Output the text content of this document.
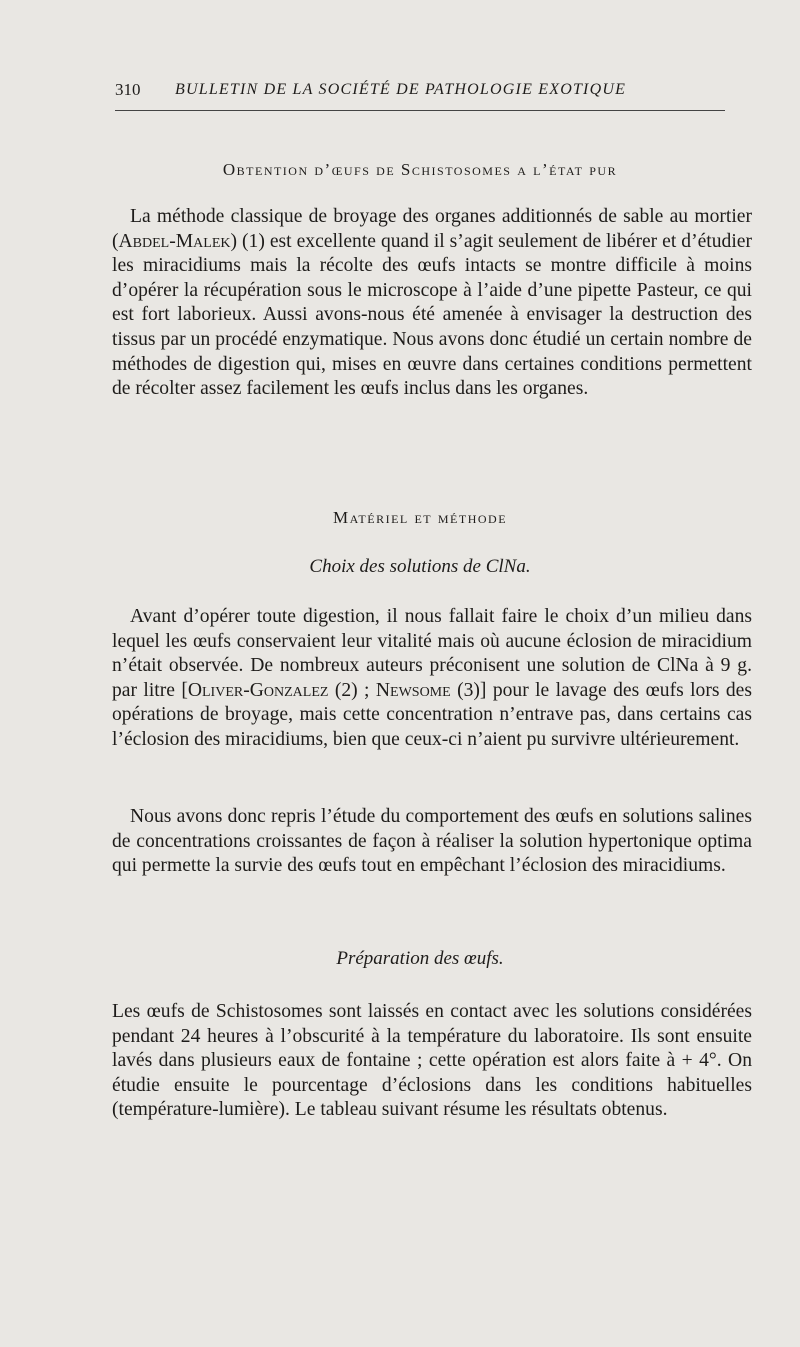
310 BULLETIN DE LA SOCIÉTÉ DE PATHOLOGIE EXOTIQUE
Obtention d’œufs de Schistosomes a l’état pur

La méthode classique de broyage des organes additionnés de sable au mortier (Abdel-Malek) (1) est excellente quand il s’agit seulement de libérer et d’étudier les miracidiums mais la récolte des œufs intacts se montre difficile à moins d’opérer la récupération sous le microscope à l’aide d’une pipette Pasteur, ce qui est fort laborieux. Aussi avons-nous été amenée à envisager la destruction des tissus par un procédé enzymatique. Nous avons donc étudié un certain nombre de méthodes de digestion qui, mises en œuvre dans certaines conditions permettent de récolter assez facilement les œufs inclus dans les organes.

Matériel et méthode
Choix des solutions de ClNa.

Avant d’opérer toute digestion, il nous fallait faire le choix d’un milieu dans lequel les œufs conservaient leur vitalité mais où aucune éclosion de miracidium n’était observée. De nombreux auteurs préconisent une solution de ClNa à 9 g. par litre [Oliver-Gonzalez (2) ; Newsome (3)] pour le lavage des œufs lors des opérations de broyage, mais cette concentration n’entrave pas, dans certains cas l’éclosion des miracidiums, bien que ceux-ci n’aient pu survivre ultérieurement.

Nous avons donc repris l’étude du comportement des œufs en solutions salines de concentrations croissantes de façon à réaliser la solution hypertonique optima qui permette la survie des œufs tout en empêchant l’éclosion des miracidiums.

Préparation des œufs.

Les œufs de Schistosomes sont laissés en contact avec les solutions considérées pendant 24 heures à l’obscurité à la température du laboratoire. Ils sont ensuite lavés dans plusieurs eaux de fontaine ; cette opération est alors faite à + 4°. On étudie ensuite le pourcentage d’éclosions dans les conditions habituelles (température-lumière). Le tableau suivant résume les résultats obtenus.
